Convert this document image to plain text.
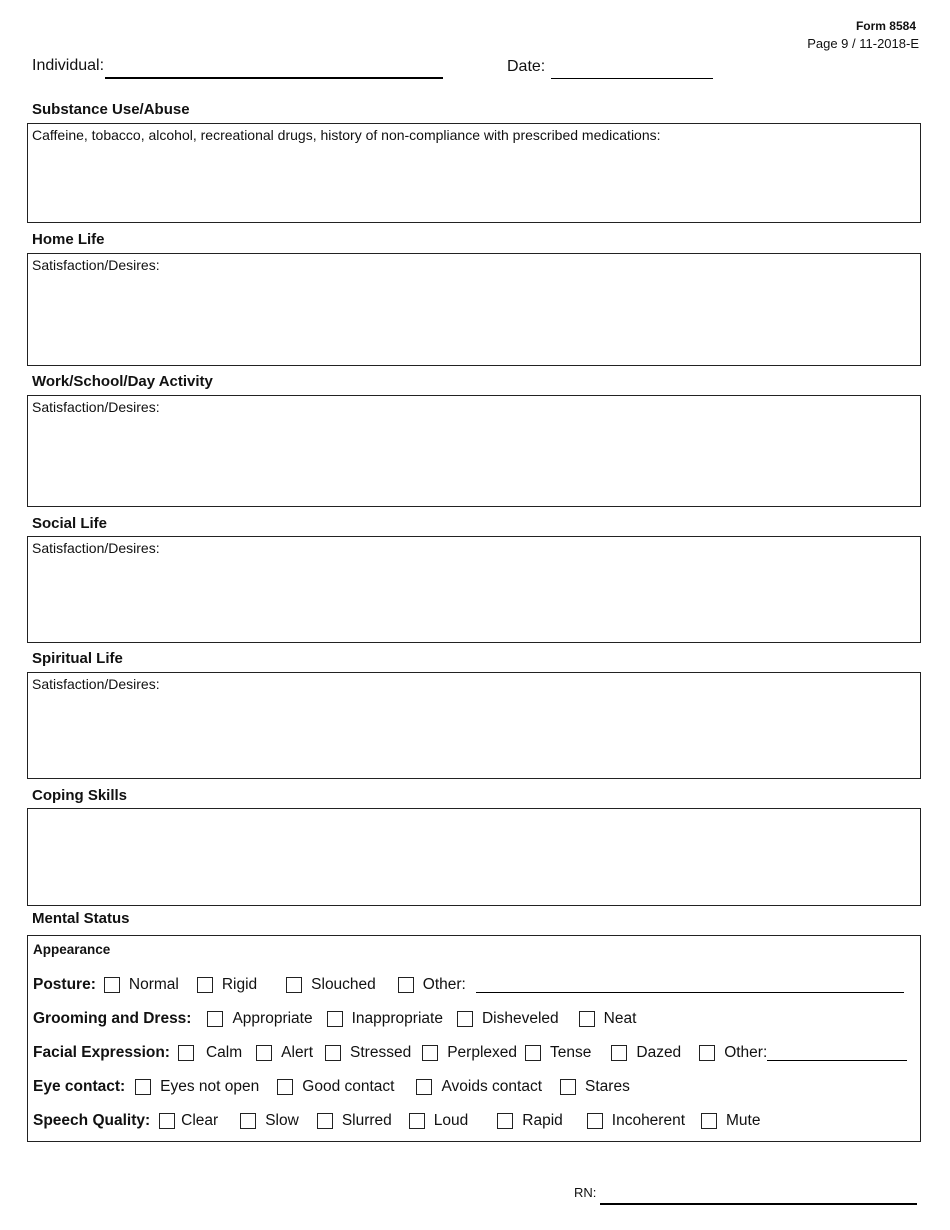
Form 8584
Page 9 / 11-2018-E
Individual:	Date:
Substance Use/Abuse
Caffeine, tobacco, alcohol, recreational drugs, history of non-compliance with prescribed medications:
Home Life
Satisfaction/Desires:
Work/School/Day Activity
Satisfaction/Desires:
Social Life
Satisfaction/Desires:
Spiritual Life
Satisfaction/Desires:
Coping Skills
Mental Status
Appearance
Posture: Normal	Rigid	Slouched	Other:
Grooming and Dress:	Appropriate	Inappropriate	Disheveled	Neat
Facial Expression: Calm	Alert Stressed Perplexed Tense	Dazed	Other:
Eye contact: Eyes not open	Good contact	Avoids contact	Stares
Speech Quality: Clear	Slow	Slurred	Loud	Rapid	Incoherent	Mute
RN:
